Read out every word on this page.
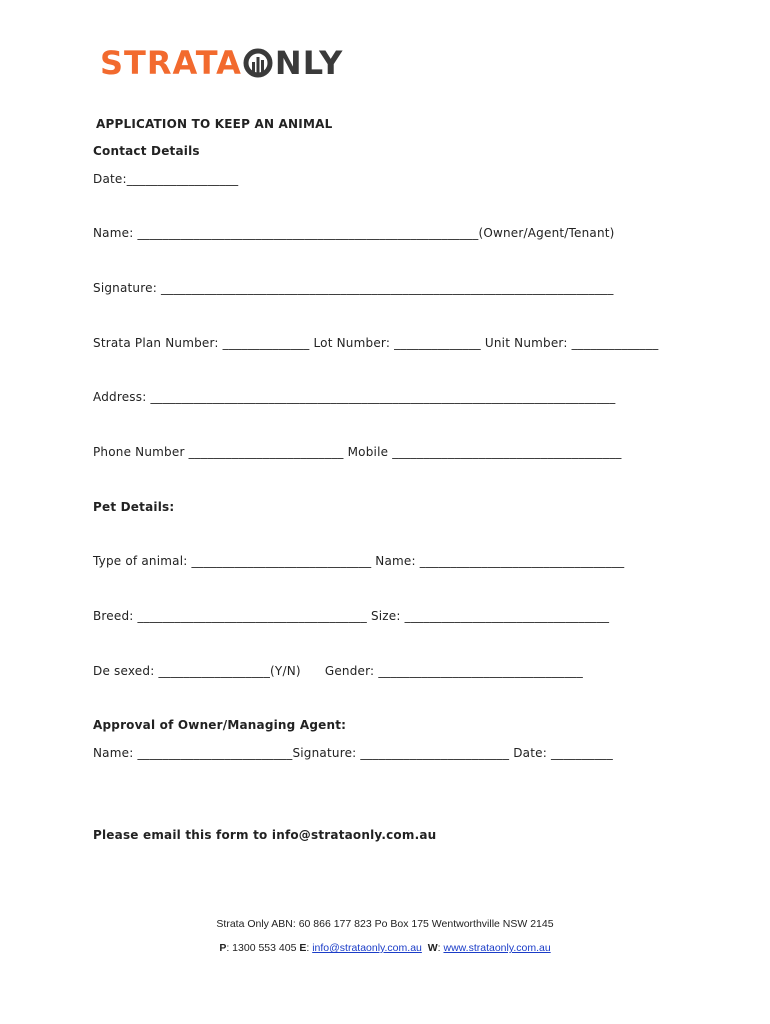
STRATA NLY
APPLICATION TO KEEP AN ANIMAL
Contact Details
Date:__________________
Name: _______________________________________________________(Owner/Agent/Tenant)
Signature: _________________________________________________________________________
Strata Plan Number: ______________ Lot Number: ______________ Unit Number: ______________
Address: ___________________________________________________________________________
Phone Number _________________________ Mobile _____________________________________
Pet Details:
Type of animal: _____________________________ Name: _________________________________
Breed: _____________________________________ Size: _________________________________
De sexed: __________________(Y/N)      Gender: _________________________________
Approval of Owner/Managing Agent:
Name: _________________________Signature: ________________________ Date: __________
Please email this form to info@strataonly.com.au
Strata Only ABN: 60 866 177 823 Po Box 175 Wentworthville NSW 2145
P: 1300 553 405 E: info@strataonly.com.au W: www.strataonly.com.au
